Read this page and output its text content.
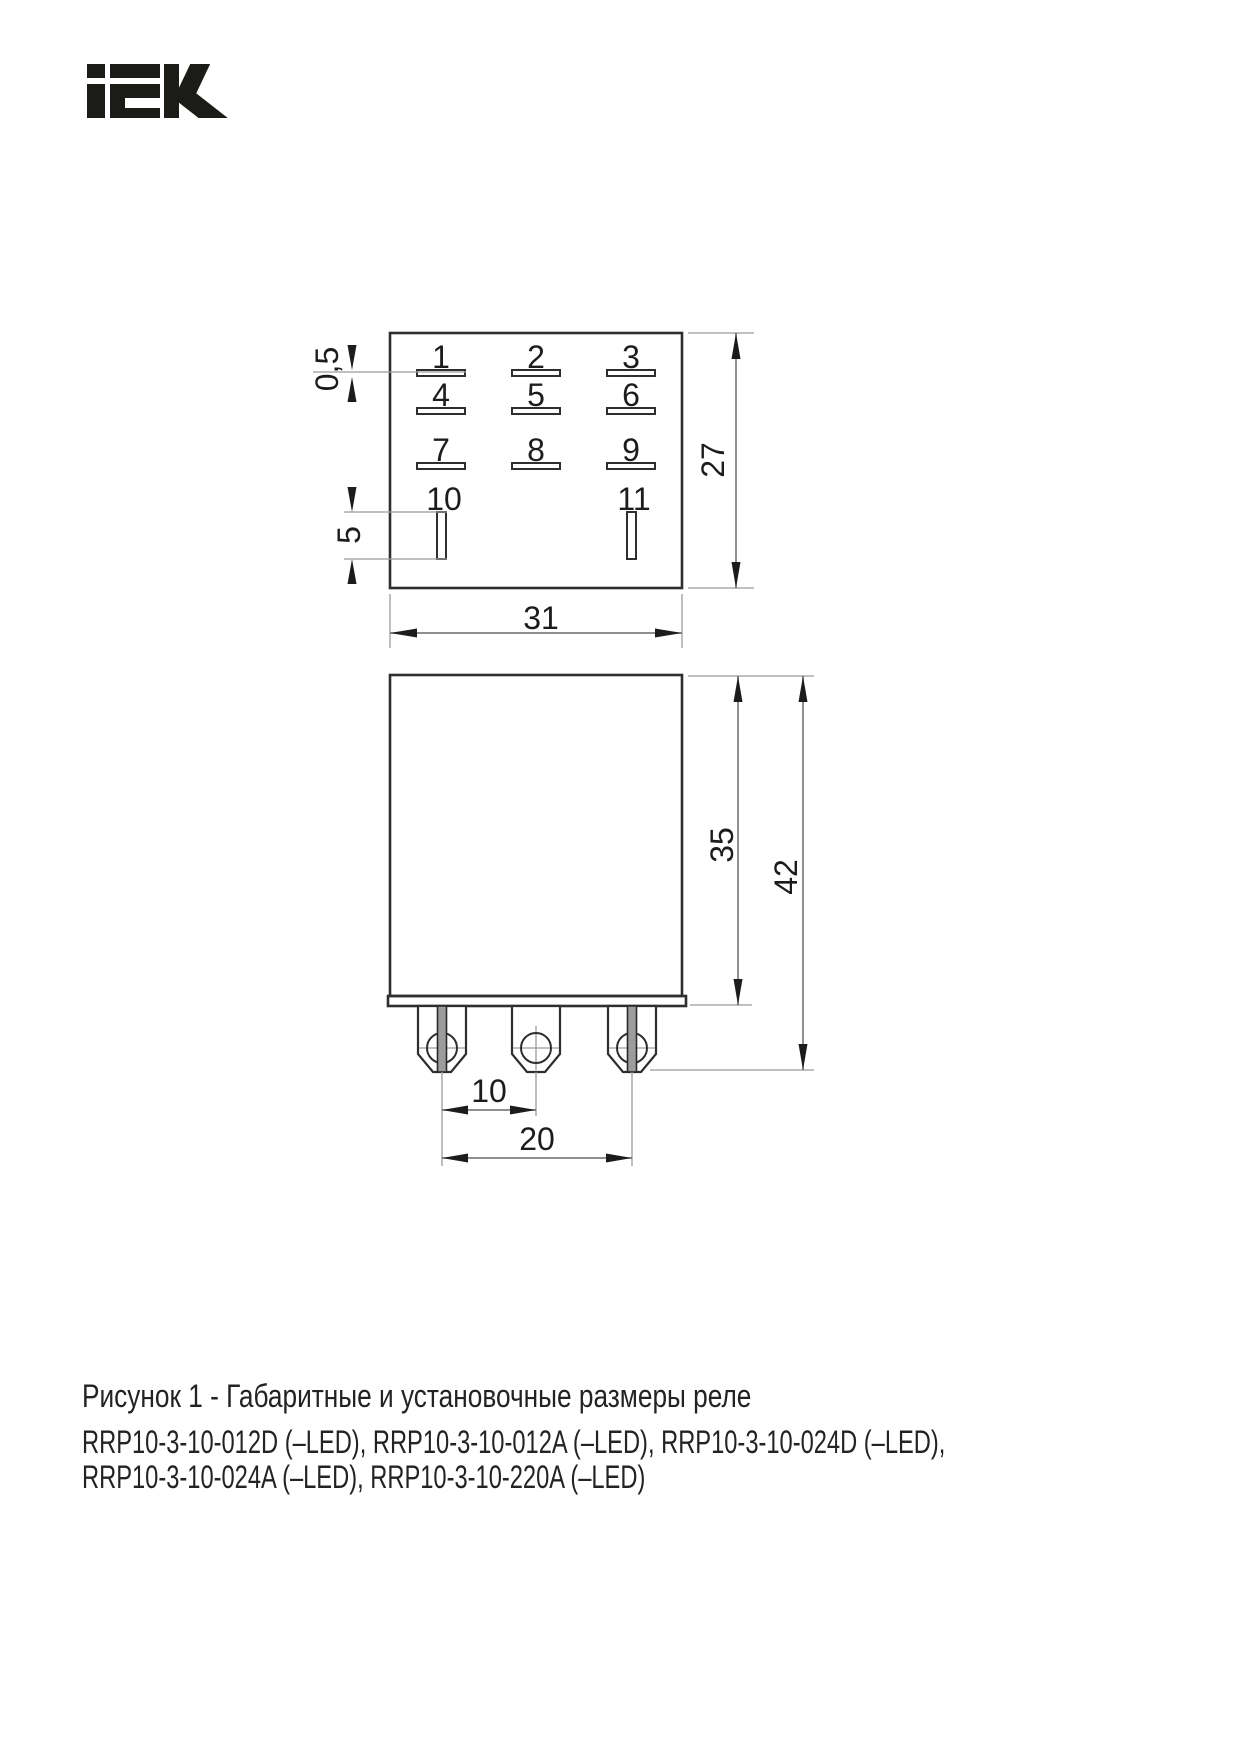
1 2 3
4 5 6
7 8 9
10	11
0,5
5
27
31
10
20
35
42
Рисунок 1 - Габаритные и установочные размеры реле
RRP10-3-10-012D (–LED), RRP10-3-10-012A (–LED), RRP10-3-10-024D (–LED),
RRP10-3-10-024A (–LED), RRP10-3-10-220A (–LED)
